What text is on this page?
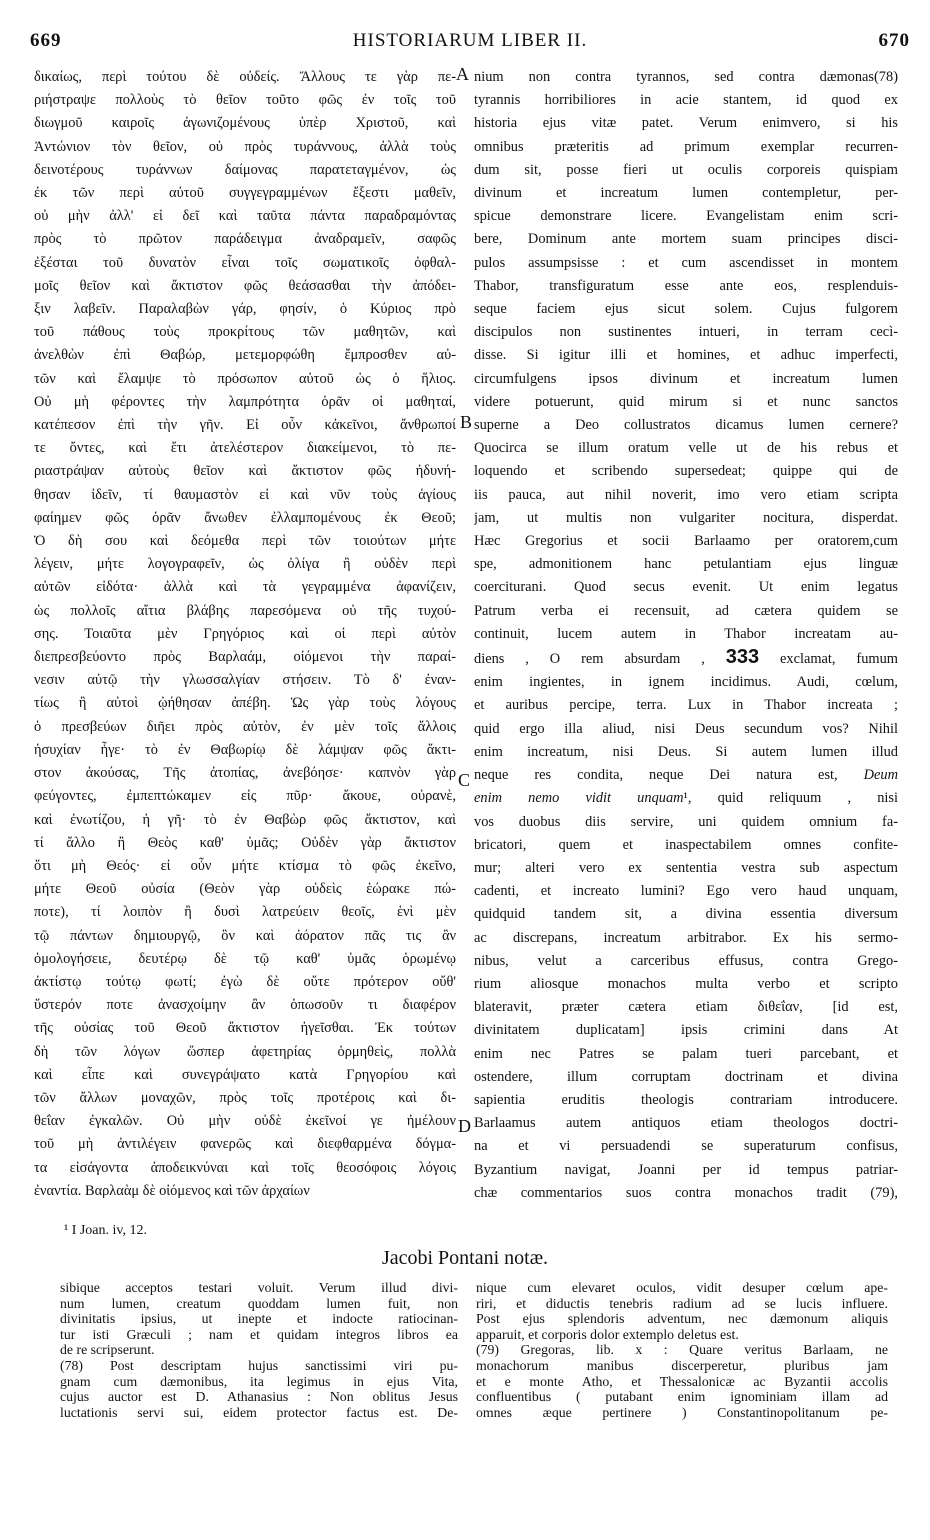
669	HISTORIARUM LIBER II.	670
A
B
C
D
δικαίως, περὶ τούτου δὲ οὐδείς. Ἄλλους τε γὰρ πε-
ριήστραψε πολλοὺς τὸ θεῖον τοῦτο φῶς ἐν τοῖς τοῦ
διωγμοῦ καιροῖς ἀγωνιζομένους ὑπὲρ Χριστοῦ, καὶ
Ἀντώνιον τὸν θεῖον, οὐ πρὸς τυράννους, ἀλλὰ τοὺς
δεινοτέρους τυράννων δαίμονας παρατεταγμένον, ὡς
ἐκ τῶν περὶ αὐτοῦ συγγεγραμμένων ἔξεστι μαθεῖν,
οὐ μὴν ἀλλ' εἰ δεῖ καὶ ταῦτα πάντα παραδραμόντας
πρὸς τὸ πρῶτον παράδειγμα ἀναδραμεῖν, σαφῶς
ἐξέσται τοῦ δυνατὸν εἶναι τοῖς σωματικοῖς ὀφθαλ-
μοῖς θεῖον καὶ ἄκτιστον φῶς θεάσασθαι τὴν ἀπόδει-
ξιν λαβεῖν. Παραλαβὼν γάρ, φησίν, ὁ Κύριος πρὸ
τοῦ πάθους τοὺς προκρίτους τῶν μαθητῶν, καὶ
ἀνελθὼν ἐπὶ Θαβώρ, μετεμορφώθη ἔμπροσθεν αὐ-
τῶν καὶ ἔλαμψε τὸ πρόσωπον αὐτοῦ ὡς ὁ ἥλιος.
Οὐ μὴ φέροντες τὴν λαμπρότητα ὁρᾶν οἱ μαθηταί,
κατέπεσον ἐπὶ τὴν γῆν. Εἰ οὖν κἀκεῖνοι, ἄνθρωποί
τε ὄντες, καὶ ἔτι ἀτελέστερον διακείμενοι, τὸ πε-
ριαστράψαν αὐτοὺς θεῖον καὶ ἄκτιστον φῶς ἠδυνή-
θησαν ἰδεῖν, τί θαυμαστὸν εἰ καὶ νῦν τοὺς ἁγίους
φαίημεν φῶς ὁρᾶν ἄνωθεν ἐλλαμπομένους ἐκ Θεοῦ;
Ὁ δὴ σου καὶ δεόμεθα περὶ τῶν τοιούτων μήτε
λέγειν, μήτε λογογραφεῖν, ὡς ὀλίγα ἢ οὐδὲν περὶ
αὐτῶν εἰδότα· ἀλλὰ καὶ τὰ γεγραμμένα ἀφανίζειν,
ὡς πολλοῖς αἴτια βλάβης παρεσόμενα οὐ τῆς τυχού-
σης. Τοιαῦτα μὲν Γρηγόριος καὶ οἱ περὶ αὐτὸν
διεπρεσβεύοντο πρὸς Βαρλαάμ, οἰόμενοι τὴν παραί-
νεσιν αὐτῷ τὴν γλωσσαλγίαν στήσειν. Τὸ δ' ἐναν-
τίως ἢ αὐτοὶ ᾠήθησαν ἀπέβη. Ὡς γὰρ τοὺς λόγους
ὁ πρεσβεύων διῆει πρὸς αὐτὸν, ἐν μὲν τοῖς ἄλλοις
ἡσυχίαν ἦγε· τὸ ἐν Θαβωρίῳ δὲ λάμψαν φῶς ἄκτι-
στον ἀκούσας, Τῆς ἀτοπίας, ἀνεβόησε· καπνὸν γὰρ
φεύγοντες, ἐμπεπτώκαμεν εἰς πῦρ· ἄκουε, οὐρανὲ,
καὶ ἐνωτίζου, ἡ γῆ· τὸ ἐν Θαβὼρ φῶς ἄκτιστον, καὶ
τί ἄλλο ἢ Θεὸς καθ' ὑμᾶς; Οὐδὲν γὰρ ἄκτιστον
ὅτι μὴ Θεός· εἰ οὖν μήτε κτίσμα τὸ φῶς ἐκεῖνο,
μήτε Θεοῦ οὐσία (Θεὸν γὰρ οὐδεὶς ἑώρακε πώ-
ποτε), τί λοιπὸν ἢ δυσὶ λατρεύειν θεοῖς, ἑνὶ μὲν
τῷ πάντων δημιουργῷ, ὃν καὶ ἀόρατον πᾶς τις ἂν
ὁμολογήσειε, δευτέρῳ δὲ τῷ καθ' ὑμᾶς ὁρωμένῳ
ἀκτίστῳ τούτῳ φωτί; ἐγὼ δὲ οὔτε πρότερον οὔθ'
ὕστερόν ποτε ἀνασχοίμην ἂν ὁπωσοῦν τι διαφέρον
τῆς οὐσίας τοῦ Θεοῦ ἄκτιστον ἡγεῖσθαι. Ἐκ τούτων
δὴ τῶν λόγων ὥσπερ ἀφετηρίας ὁρμηθεὶς, πολλὰ
καὶ εἶπε καὶ συνεγράψατο κατὰ Γρηγορίου καὶ
τῶν ἄλλων μοναχῶν, πρὸς τοῖς προτέροις καὶ δι-
θεΐαν ἐγκαλῶν. Οὐ μὴν οὐδὲ ἐκεῖνοί γε ἠμέλουν
τοῦ μὴ ἀντιλέγειν φανερῶς καὶ διεφθαρμένα δόγμα-
τα εἰσάγοντα ἀποδεικνύναι καὶ τοῖς θεοσόφοις λόγοις
ἐναντία. Βαρλαὰμ δὲ οἰόμενος καὶ τῶν ἀρχαίων
nium non contra tyrannos, sed contra dæmonas(78)
tyrannis horribiliores in acie stantem, id quod ex
historia ejus vitæ patet. Verum enimvero, si his
omnibus præteritis ad primum exemplar recurren-
dum sit, posse fieri ut oculis corporeis quispiam
divinum et increatum lumen contempletur, per-
spicue demonstrare licere. Evangelistam enim scri-
bere, Dominum ante mortem suam principes disci-
pulos assumpsisse : et cum ascendisset in montem
Thabor, transfiguratum esse ante eos, resplenduis-
seque faciem ejus sicut solem. Cujus fulgorem
discipulos non sustinentes intueri, in terram cecì-
disse. Si igitur illi et homines, et adhuc imperfecti,
circumfulgens ipsos divinum et increatum lumen
videre potuerunt, quid mirum si et nunc sanctos
superne a Deo collustratos dicamus lumen cernere?
Quocirca se illum oratum velle ut de his rebus et
loquendo et scribendo supersedeat; quippe qui de
iis pauca, aut nihil noverit, imo vero etiam scripta
jam, ut multis non vulgariter nocitura, disperdat.
Hæc Gregorius et socii Barlaamo per oratorem,cum
spe, admonitionem hanc petulantiam ejus linguæ
coerciturani. Quod secus evenit. Ut enim legatus
Patrum verba ei recensuit, ad cætera quidem se
continuit, lucem autem in Thabor increatam au-
diens , O rem absurdam , 333 exclamat, fumum
enim ingientes, in ignem incidimus. Audi, cœlum,
et auribus percipe, terra. Lux in Thabor increata ;
quid ergo illa aliud, nisi Deus secundum vos? Nihil
enim increatum, nisi Deus. Si autem lumen illud
neque res condita, neque Dei natura est, Deum
enim nemo vidit unquam¹, quid reliquum , nisi
vos duobus diis servire, uni quidem omnium fa-
bricatori, quem et inaspectabilem omnes confite-
mur; alteri vero ex sententia vestra sub aspectum
cadenti, et increato lumini? Ego vero haud unquam,
quidquid tandem sit, a divina essentia diversum
ac discrepans, increatum arbitrabor. Ex his sermo-
nibus, velut a carceribus effusus, contra Grego-
rium aliosque monachos multa verbo et scripto
blateravit, præter cætera etiam διθεΐαν, [id est,
divinitatem duplicatam] ipsis crimini dans At
enim nec Patres se palam tueri parcebant, et
ostendere, illum corruptam doctrinam et divina
sapientia eruditis theologis contrariam introducere.
Barlaamus autem antiquos etiam theologos doctri-
na et vi persuadendi se superaturum confisus,
Byzantium navigat, Joanni per id tempus patriar-
chæ commentarios suos contra monachos tradit (79),
¹ I Joan. iv, 12.
Jacobi Pontani notæ.
sibique acceptos testari voluit. Verum illud divi-
num lumen, creatum quoddam lumen fuit, non
divinitatis ipsius, ut inepte et indocte ratiocinan-
tur isti Græculi ; nam et quidam integros libros ea
de re scripserunt.
(78) Post descriptam hujus sanctissimi viri pu-
gnam cum dæmonibus, ita legimus in ejus Vita,
cujus auctor est D. Athanasius : Non oblitus Jesus
luctationis servi sui, eidem protector factus est. De-
nique cum elevaret oculos, vidit desuper cœlum ape-
riri, et diductis tenebris radium ad se lucis influere.
Post ejus splendoris adventum, nec dæmonum aliquis
apparuit, et corporis dolor extemplo deletus est.
(79) Gregoras, lib. x : Quare veritus Barlaam, ne
monachorum manibus discerperetur, pluribus jam
et e monte Atho, et Thessalonicæ ac Byzantii accolis
confluentibus ( putabant enim ignominiam illam ad
omnes æque pertinere ) Constantinopolitanum pe-
